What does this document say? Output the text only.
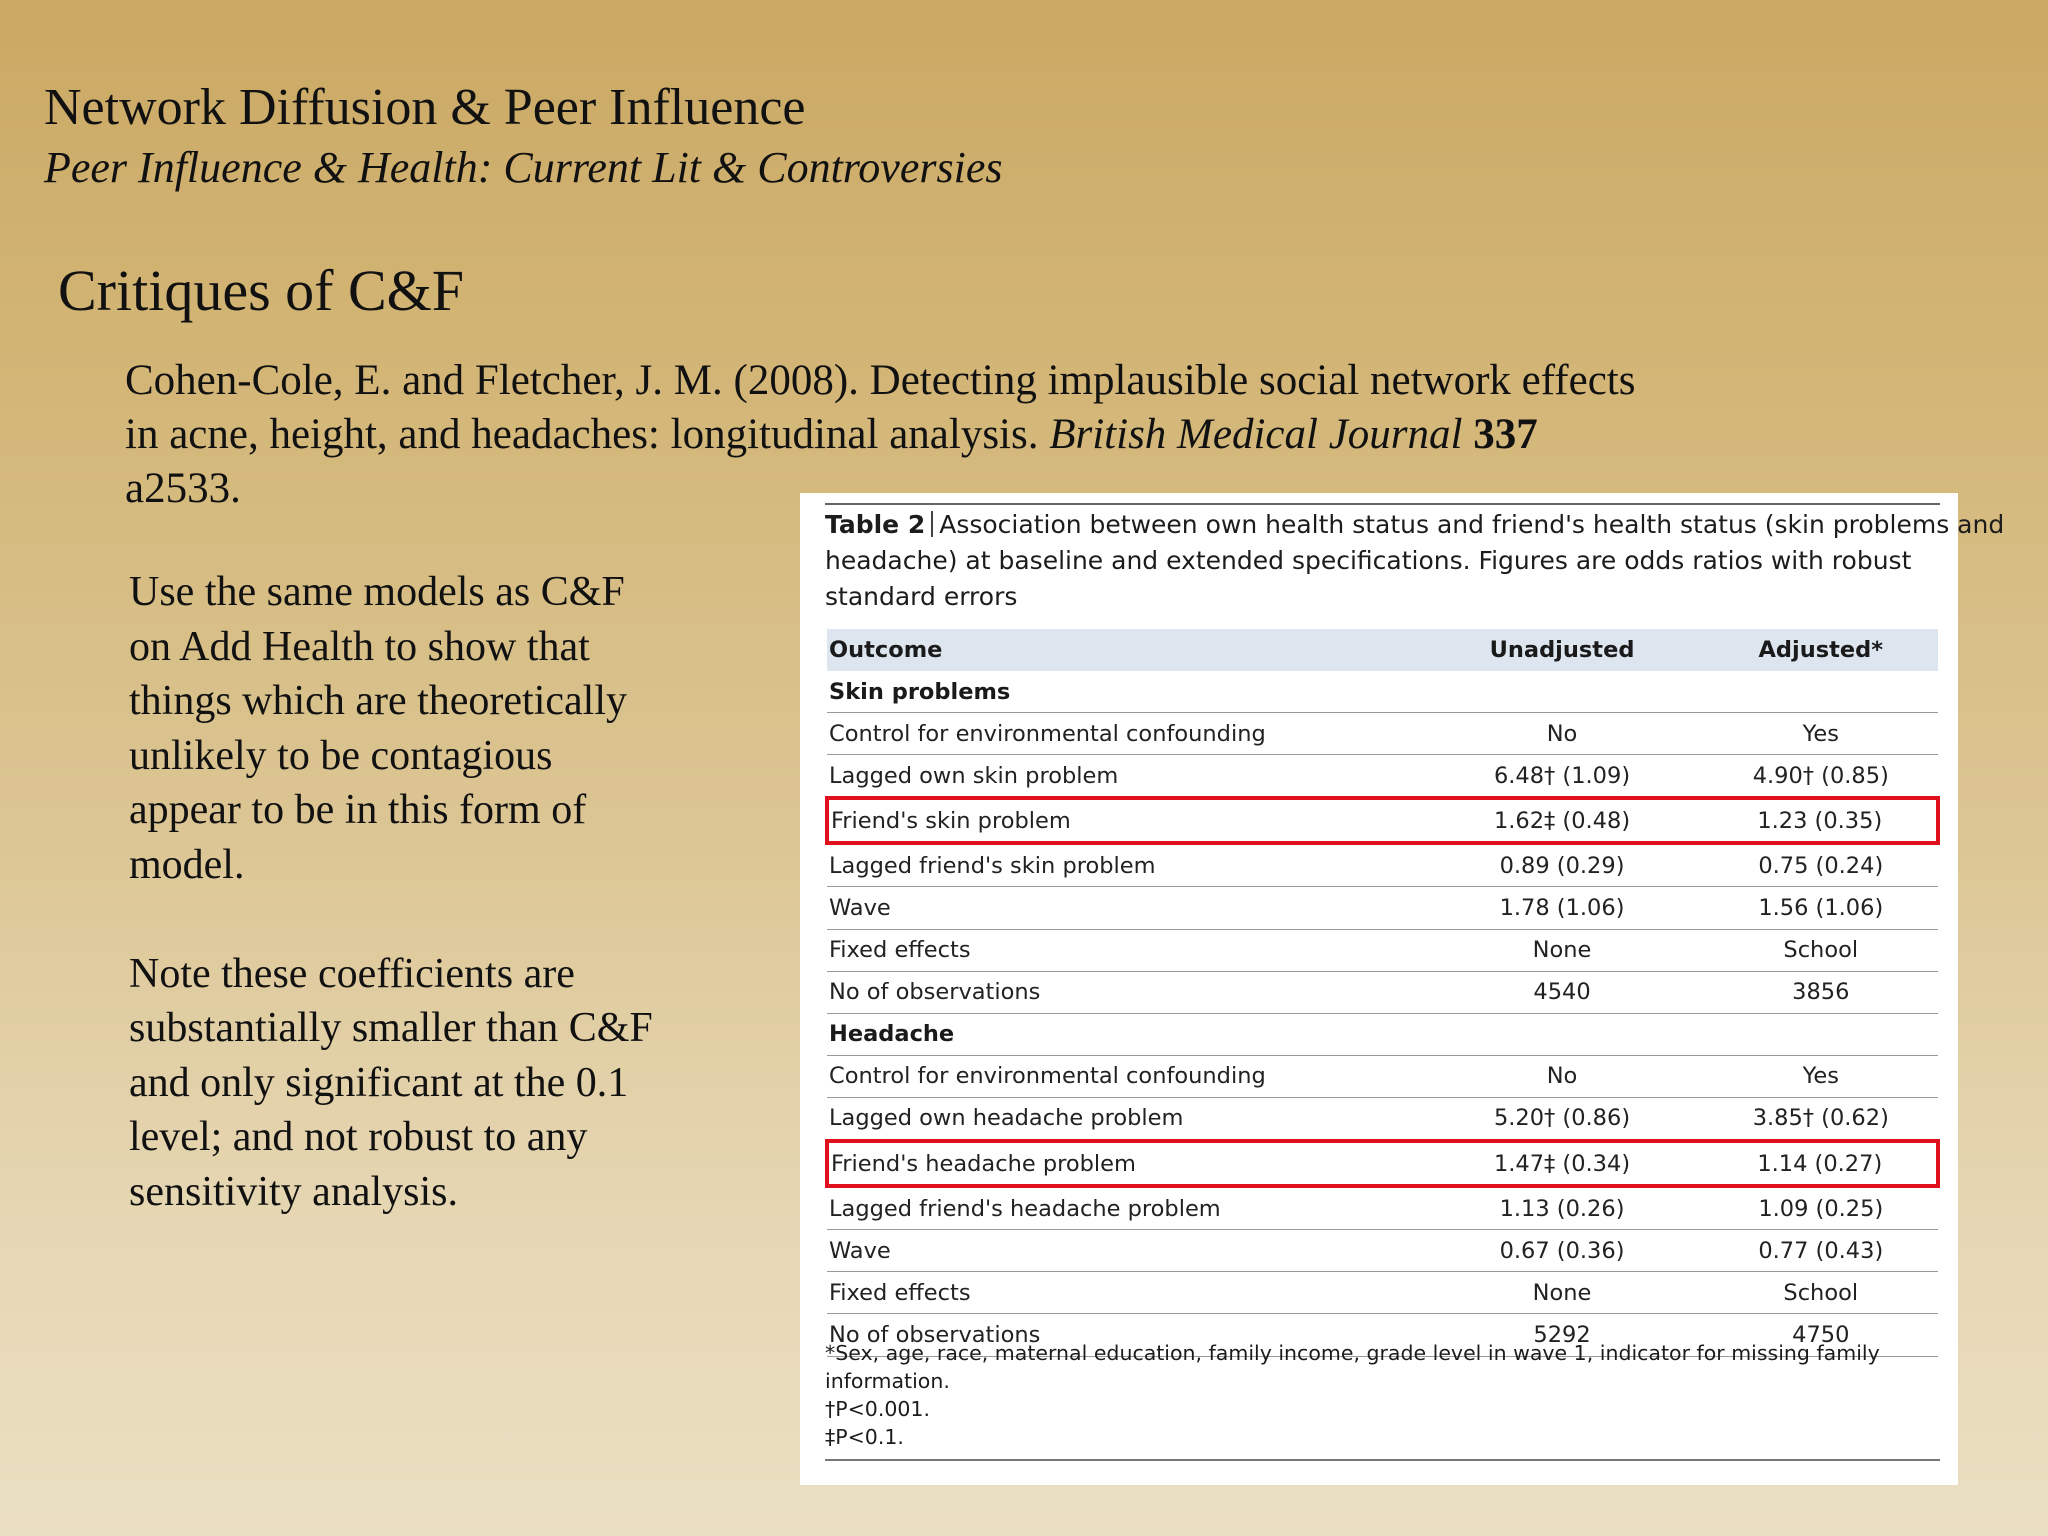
Network Diffusion & Peer Influence
Peer Influence & Health: Current Lit & Controversies
Critiques of C&F
Cohen-Cole, E. and Fletcher, J. M. (2008). Detecting implausible social network effects
in acne, height, and headaches: longitudinal analysis. British Medical Journal 337
a2533.
Use the same models as C&F
on Add Health to show that
things which are theoretically
unlikely to be contagious
appear to be in this form of
model.
Note these coefficients are
substantially smaller than C&F
and only significant at the 0.1
level; and not robust to any
sensitivity analysis.
Table 2 Association between own health status and friend's health status (skin problems and
headache) at baseline and extended specifications. Figures are odds ratios with robust
standard errors
Outcome	Unadjusted	Adjusted*
Skin problems		
Control for environmental confounding	No	Yes
Lagged own skin problem	6.48† (1.09)	4.90† (0.85)
Friend's skin problem	1.62‡ (0.48)	1.23 (0.35)
Lagged friend's skin problem	0.89 (0.29)	0.75 (0.24)
Wave	1.78 (1.06)	1.56 (1.06)
Fixed effects	None	School
No of observations	4540	3856
Headache		
Control for environmental confounding	No	Yes
Lagged own headache problem	5.20† (0.86)	3.85† (0.62)
Friend's headache problem	1.47‡ (0.34)	1.14 (0.27)
Lagged friend's headache problem	1.13 (0.26)	1.09 (0.25)
Wave	0.67 (0.36)	0.77 (0.43)
Fixed effects	None	School
No of observations	5292	4750
*Sex, age, race, maternal education, family income, grade level in wave 1, indicator for missing family information.
†P<0.001.
‡P<0.1.
